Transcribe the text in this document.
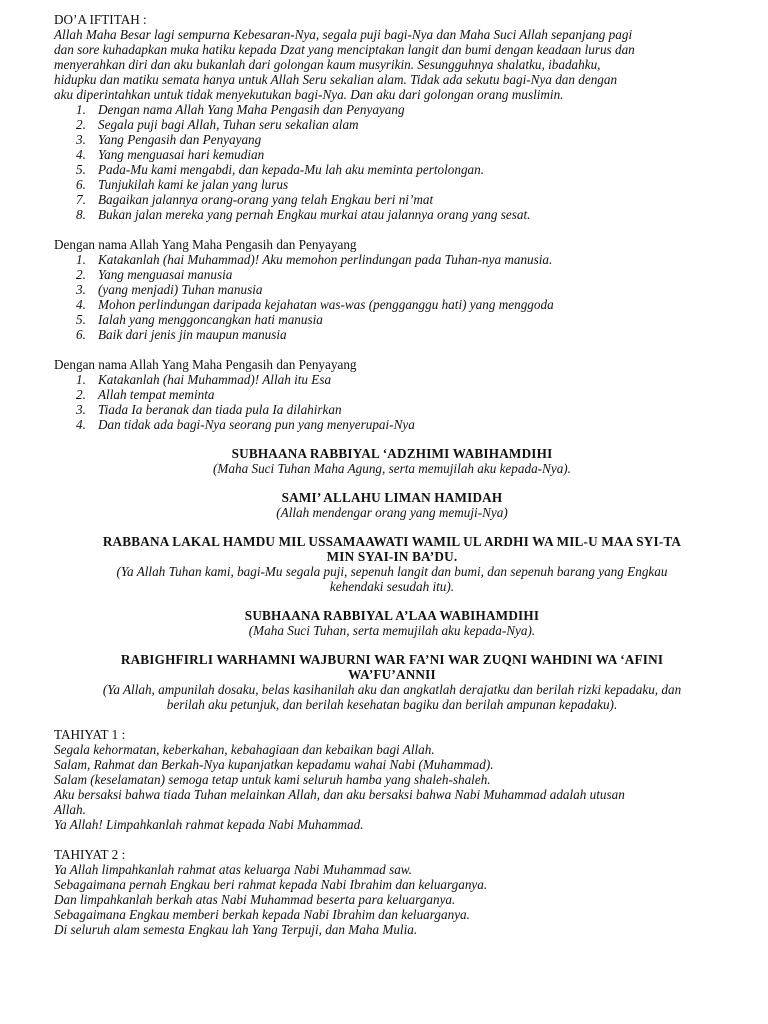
DO’A IFTITAH :
Allah Maha Besar lagi sempurna Kebesaran-Nya, segala puji bagi-Nya dan Maha Suci Allah sepanjang pagi
dan sore kuhadapkan muka hatiku kepada Dzat yang menciptakan langit dan bumi dengan keadaan lurus dan
menyerahkan diri dan aku bukanlah dari golongan kaum musyrikin. Sesungguhnya shalatku, ibadahku,
hidupku dan matiku semata hanya untuk Allah Seru sekalian alam. Tidak ada sekutu bagi-Nya dan dengan
aku diperintahkan untuk tidak menyekutukan bagi-Nya. Dan aku dari golongan orang muslimin.
1. Dengan nama Allah Yang Maha Pengasih dan Penyayang
2. Segala puji bagi Allah, Tuhan seru sekalian alam
3. Yang Pengasih dan Penyayang
4. Yang menguasai hari kemudian
5. Pada-Mu kami mengabdi, dan kepada-Mu lah aku meminta pertolongan.
6. Tunjukilah kami ke jalan yang lurus
7. Bagaikan jalannya orang-orang yang telah Engkau beri ni’mat
8. Bukan jalan mereka yang pernah Engkau murkai atau jalannya orang yang sesat.
Dengan nama Allah Yang Maha Pengasih dan Penyayang
1. Katakanlah (hai Muhammad)! Aku memohon perlindungan pada Tuhan-nya manusia.
2. Yang menguasai manusia
3. (yang menjadi) Tuhan manusia
4. Mohon perlindungan daripada kejahatan was-was (pengganggu hati) yang menggoda
5. Ialah yang menggoncangkan hati manusia
6. Baik dari jenis jin maupun manusia
Dengan nama Allah Yang Maha Pengasih dan Penyayang
1. Katakanlah (hai Muhammad)! Allah itu Esa
2. Allah tempat meminta
3. Tiada Ia beranak dan tiada pula Ia dilahirkan
4. Dan tidak ada bagi-Nya seorang pun yang menyerupai-Nya
SUBHAANA RABBIYAL ‘ADZHIMI WABIHAMDIHI
(Maha Suci Tuhan Maha Agung, serta memujilah aku kepada-Nya).
SAMI’ ALLAHU LIMAN HAMIDAH
(Allah mendengar orang yang memuji-Nya)
RABBANA LAKAL HAMDU MIL USSAMAAWATI WAMIL UL ARDHI WA MIL-U MAA SYI-TA
MIN SYAI-IN BA’DU.
(Ya Allah Tuhan kami, bagi-Mu segala puji, sepenuh langit dan bumi, dan sepenuh barang yang Engkau
kehendaki sesudah itu).
SUBHAANA RABBIYAL A’LAA WABIHAMDIHI
(Maha Suci Tuhan, serta memujilah aku kepada-Nya).
RABIGHFIRLI WARHAMNI WAJBURNI WAR FA’NI WAR ZUQNI WAHDINI WA ‘AFINI
WA’FU’ANNII
(Ya Allah, ampunilah dosaku, belas kasihanilah aku dan angkatlah derajatku dan berilah rizki kepadaku, dan
berilah aku petunjuk, dan berilah kesehatan bagiku dan berilah ampunan kepadaku).
TAHIYAT 1 :
Segala kehormatan, keberkahan, kebahagiaan dan kebaikan bagi Allah.
Salam, Rahmat dan Berkah-Nya kupanjatkan kepadamu wahai Nabi (Muhammad).
Salam (keselamatan) semoga tetap untuk kami seluruh hamba yang shaleh-shaleh.
Aku bersaksi bahwa tiada Tuhan melainkan Allah, dan aku bersaksi bahwa Nabi Muhammad adalah utusan
Allah.
Ya Allah! Limpahkanlah rahmat kepada Nabi Muhammad.
TAHIYAT 2 :
Ya Allah limpahkanlah rahmat atas keluarga Nabi Muhammad saw.
Sebagaimana pernah Engkau beri rahmat kepada Nabi Ibrahim dan keluarganya.
Dan limpahkanlah berkah atas Nabi Muhammad beserta para keluarganya.
Sebagaimana Engkau memberi berkah kepada Nabi Ibrahim dan keluarganya.
Di seluruh alam semesta Engkau lah Yang Terpuji, dan Maha Mulia.
